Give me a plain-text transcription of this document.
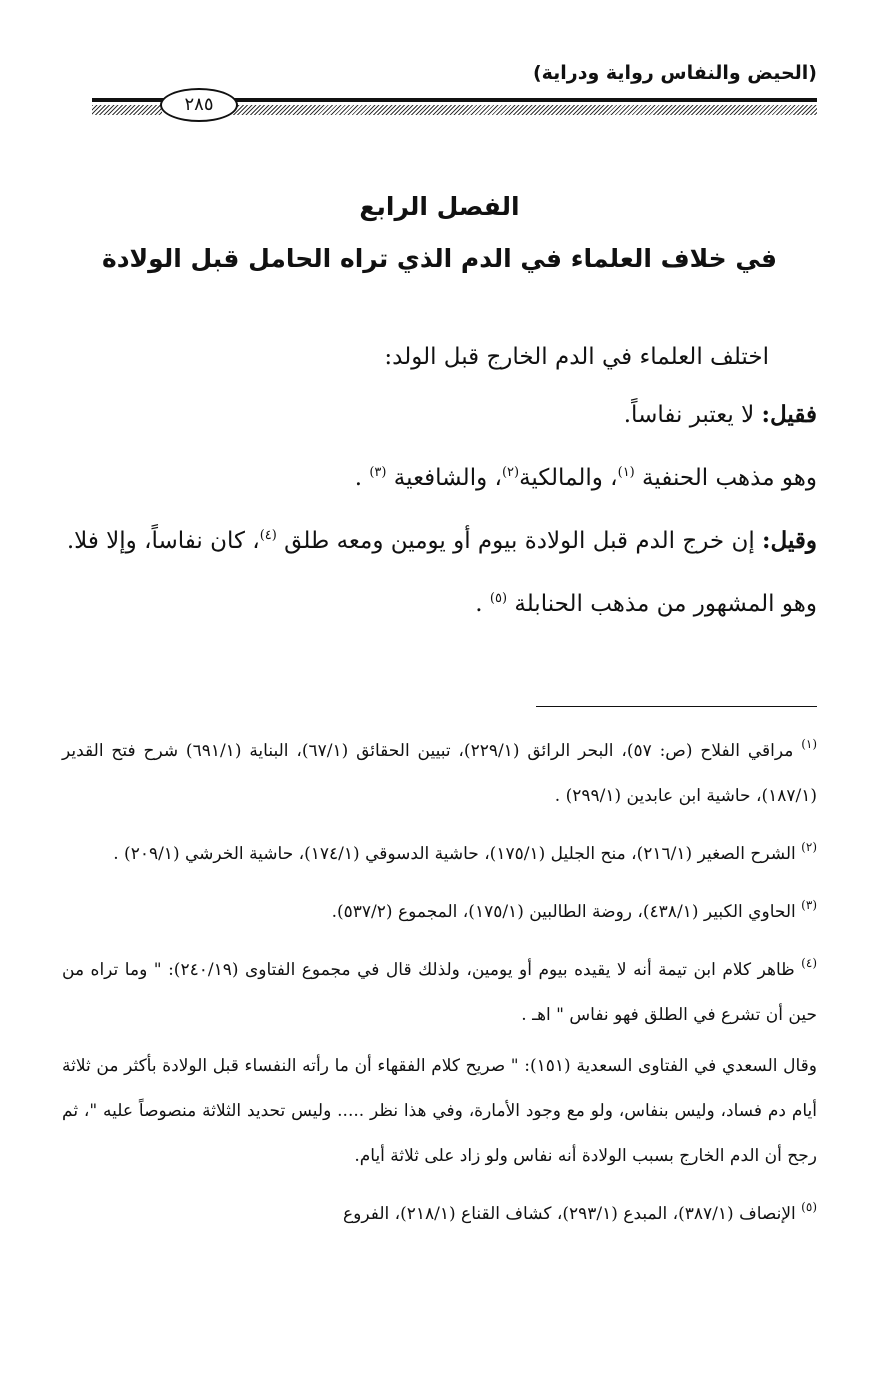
(الحيض والنفاس رواية ودراية)
٢٨٥
الفصل الرابع
في خلاف العلماء في الدم الذي تراه الحامل قبل الولادة

اختلف العلماء في الدم الخارج قبل الولد:

فقيل: لا يعتبر نفاساً.

وهو مذهب الحنفية $^{(١)}$، والمالكية$^{(٢)}$، والشافعية $^{(٣)}$ .

وقيل: إن خرج الدم قبل الولادة بيوم أو يومين ومعه طلق $^{(٤)}$، كان نفاساً، وإلا فلا.

وهو المشهور من مذهب الحنابلة $^{(٥)}$ .

$^{(١)}$ مراقي الفلاح (ص: ٥٧)، البحر الرائق (٢٢٩/١)، تبيين الحقائق (٦٧/١)، البناية (٦٩١/١) شرح فتح القدير (١٨٧/١)، حاشية ابن عابدين (٢٩٩/١) .

$^{(٢)}$ الشرح الصغير (٢١٦/١)، منح الجليل (١٧٥/١)، حاشية الدسوقي (١٧٤/١)، حاشية الخرشي (٢٠٩/١) .

$^{(٣)}$ الحاوي الكبير (٤٣٨/١)، روضة الطالبين (١٧٥/١)، المجموع (٥٣٧/٢).

$^{(٤)}$ ظاهر كلام ابن تيمة أنه لا يقيده بيوم أو يومين، ولذلك قال في مجموع الفتاوى (٢٤٠/١٩): " وما تراه من حين أن تشرع في الطلق فهو نفاس " اهـ .

وقال السعدي في الفتاوى السعدية (١٥١): " صريح كلام الفقهاء أن ما رأته النفساء قبل الولادة بأكثر من ثلاثة أيام دم فساد، وليس بنفاس، ولو مع وجود الأمارة، وفي هذا نظر ..... وليس تحديد الثلاثة منصوصاً عليه "، ثم رجح أن الدم الخارج بسبب الولادة أنه نفاس ولو زاد على ثلاثة أيام.

$^{(٥)}$ الإنصاف (٣٨٧/١)، المبدع (٢٩٣/١)، كشاف القناع (٢١٨/١)، الفروع
